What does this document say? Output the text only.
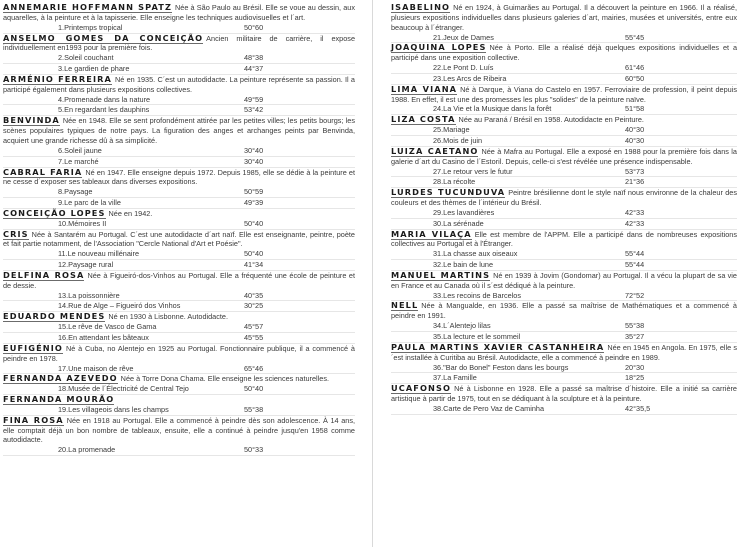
ANNEMARIE HOFFMANN SPATZ Née à São Paulo au Brésil. Elle se voue au dessin, aux aquarelles, à la peinture et à la tapisserie. Elle enseigne les techniques audiovisuelles et l´art.

1.Printemps tropical	50°60

ANSELMO GOMES DA CONCEIÇÃO Ancien militaire de carrière, il expose individuellement en1993 pour la première fois.

2.Soleil couchant	48°38
3.Le gardien de phare	44°37

ARMÉNIO FERREIRA Né en 1935. C´est un autodidacte. La peinture représente sa passion. Il a participé également dans plusieurs expositions collectives.

4.Promenade dans la nature	49°59
5.En regardant les dauphins	53°42

BENVINDA Née en 1948. Elle se sent profondément attirée par les petites villes; les petits bourgs; les scènes populaires typiques de notre pays. La figuration des anges et archanges peints par Benvinda, acquiert une grande richesse dû à sa simplicité.

6.Soleil jaune	30°40
7.Le marché	30°40

CABRAL FARIA Né en 1947. Elle enseigne depuis 1972. Depuis 1985, elle se dédie à la peinture et ne cesse d´exposer ses tableaux dans diverses expositions.

8.Paysage	50°59
9.Le parc de la ville	49°39

CONCEIÇÃO LOPES Née en 1942.

10.Mémoires II	50°40

CRIS Née à Santarém au Portugal. C´est une autodidacte d´art naïf. Elle est enseignante, peintre, poète et fait partie notamment, de l'Association "Cercle National d'Art et Poésie".

11.Le nouveau millénaire	50°40
12.Paysage rural	41°34

DELFINA ROSA Née à Figueiró-dos-Vinhos au Portugal. Elle a fréquenté une école de peinture et de dessie.

13.La poissonnière	40°35
14.Rue de Alge – Figueiró dos Vinhos	30°25

EDUARDO MENDES Né en 1930 à Lisbonne. Autodidacte.

15.Le rêve de Vasco de Gama	45°57
16.En attendant les bâteaux	45°55

EUFIGÉNIO Né à Cuba, no Alentejo en 1925 au Portugal. Fonctionnaire publique, il a commencé à peindre en 1978.

17.Une maison de rêve	65°46

FERNANDA AZEVEDO Née à Torre Dona Chama. Elle enseigne les sciences naturelles.

18.Musée de l´Électricité de Central Tejo	50°40

FERNANDA MOURÃO

19.Les villageois dans les champs	55°38

FINA ROSA Née en 1918 au Portugal. Elle a commencé à peindre dès son adolescence. À 14 ans, elle comptait déjà un bon nombre de tableaux, ensuite, elle a continué à peindre jusqu'en 1958 comme autodidacte.

20.La promenade	50°33

ISABELINO Né en 1924, à Guimarães au Portugal. Il a découvert la peinture en 1966. Il a réalisé, plusieurs expositions individuelles dans plusieurs galeries d´art, mairies, musées et universités, entre eux beaucoup à l´étranger.

21.Jeux de Dames	55°45

JOAQUINA LOPES Née à Porto. Elle a réalisé déjà quelques expositions individuelles et a participé dans une exposition collective.

22.Le Pont D. Luís	61°46
23.Les Arcs de Ribeira	60°50

LIMA VIANA Né à Darque, à Viana do Castelo en 1957. Ferroviaire de profession, il peint depuis 1988. En effet, il est une des promesses les plus "solides" de la peinture naïve.

24.La Vie et la Musique dans la forêt	51°58

LIZA COSTA Née au Paraná / Brésil en 1958. Autodidacte en Peinture.

25.Mariage	40°30
26.Mois de juin	40°30

LUIZA CAETANO Née à Mafra au Portugal. Elle a exposé en 1988 pour la première fois dans la galerie d´art du Casino de l´Estoril. Depuis, celle-ci s'est révélée une présence indispensable.

27.Le retour vers le futur	53°73
28.La récolte	21°36

LURDES TUCUNDUVA Peintre brésilienne dont le style naïf nous environne de la chaleur des couleurs et des thèmes de l´intérieur du Brésil.

29.Les lavandières	42°33
30.La sérénade	42°33

MARIA VILAÇA Elle est membre de l'APPM. Elle a participé dans de nombreuses expositions collectives au Portugal et à l'Étranger.

31.La chasse aux oiseaux	55°44
32.Le bain de lune	55°44

MANUEL MARTINS Né en 1939 à Jovim (Gondomar) au Portugal. Il a vécu la plupart de sa vie en France et au Canada où il s´est dédiqué à la peinture.

33.Les recoins de Barcelos	72°52

NELL Née à Mangualde, en 1936. Elle a passé sa maîtrise de Mathématiques et a commencé à peindre en 1991.

34.L´Alentejo lilas	55°38
35.La lecture et le sommeil	35°27

PAULA MARTINS XAVIER CASTANHEIRA Née en 1945 en Angola. En 1975, elle s´est installée à Curitiba au Brésil. Autodidacte, elle a commencé à peindre en 1989.

36."Bar do Bonel" Feston dans les bourgs	20°30
37.La Famille	18°25

UCAFONSO Né à Lisbonne en 1928. Elle a passé sa maîtrise d´histoire. Elle a initié sa carrière artistique à partir de 1975, tout en se dédiquant à la sculpture et à la peinture.

38.Carte de Pero Vaz de Caminha	42°35,5
